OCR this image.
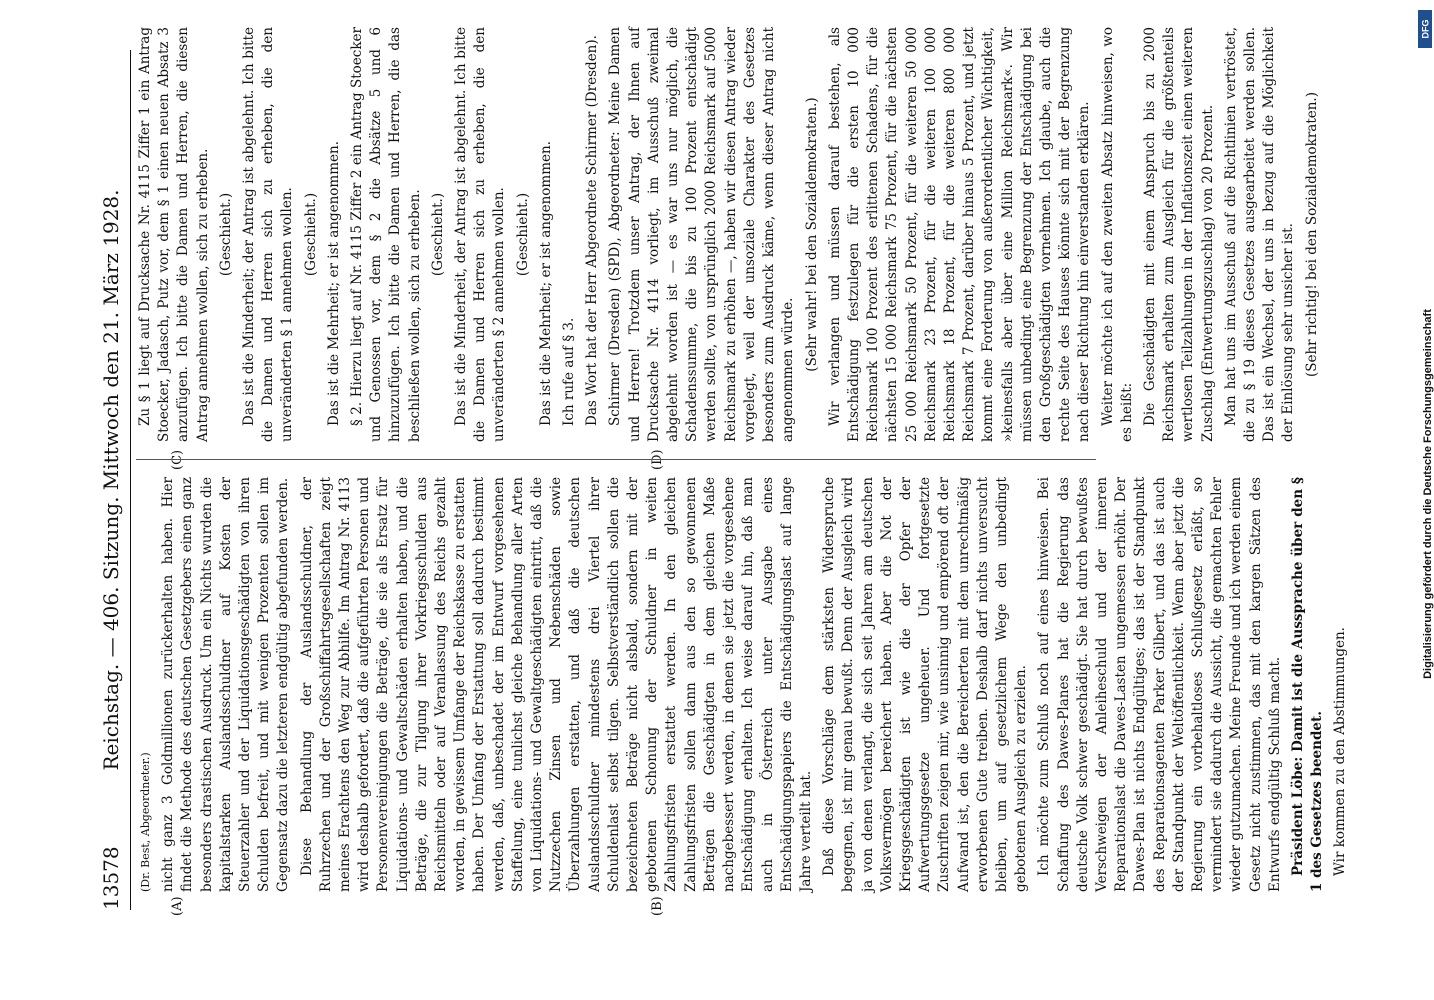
13578
Reichstag. — 406. Sitzung. Mittwoch den 21. März 1928.
(A)	(B)
(C)	(D)

(Dr. Best, Abgeordneter.) nicht ganz 3 Goldmillionen zurückerhalten haben. Hier findet die Methode des deutschen Gesetzgebers einen ganz besonders drastischen Ausdruck. Um ein Nichts wurden die kapitalstarken Auslandsschuldner auf Kosten der Steuerzahler und der Liquidationsgeschädigten von ihren Schulden befreit, und mit wenigen Prozenten sollen im Gegensatz dazu die letzteren endgültig abgefunden werden. Diese Behandlung der Auslandsschuldner, der Ruhrzechen und der Großschiffahrtsgesellschaften zeigt meines Erachtens den Weg zur Abhilfe. Im Antrag Nr. 4113 wird deshalb gefordert, daß die aufgeführten Personen und Personenvereinigungen die Beträge, die sie als Ersatz für Liquidations- und Gewaltschäden erhalten haben, und die Beträge, die zur Tilgung ihrer Vorkriegsschulden aus Reichsmitteln oder auf Veranlassung des Reichs gezahlt worden, in gewissem Umfange der Reichskasse zu erstatten haben. Der Umfang der Erstattung soll dadurch bestimmt werden, daß, unbeschadet der im Entwurf vorgesehenen Staffelung, eine tunlichst gleiche Behandlung aller Arten von Liquidations- und Gewaltgeschädigten eintritt, daß die Nutzzechen Zinsen und Nebenschäden sowie Überzahlungen erstatten, und daß die deutschen Auslandsschuldner mindestens drei Viertel ihrer Schuldenlast selbst tilgen. Selbstverständlich sollen die bezeichneten Beträge nicht alsbald, sondern mit der gebotenen Schonung der Schuldner in weiten Zahlungsfristen erstattet werden. In den gleichen Zahlungsfristen sollen dann aus den so gewonnenen Beträgen die Geschädigten in dem gleichen Maße nachgebessert werden, in denen sie jetzt die vorgesehene Entschädigung erhalten. Ich weise darauf hin, daß man auch in Österreich unter Ausgabe eines Entschädigungspapiers die Entschädigungslast auf lange Jahre verteilt hat. Daß diese Vorschläge dem stärksten Widerspruche begegnen, ist mir genau bewußt. Denn der Ausgleich wird ja von denen verlangt, die sich seit Jahren am deutschen Volksvermögen bereichert haben. Aber die Not der Kriegsgeschädigten ist wie die der Opfer der Aufwertungsgesetze ungeheuer. Und fortgesetzte Zuschriften zeigen mir, wie unsinnig und empörend oft der Aufwand ist, den die Bereicherten mit dem unrechtmäßig erworbenen Gute treiben. Deshalb darf nichts unversucht bleiben, um auf gesetzlichem Wege den unbedingt gebotenen Ausgleich zu erzielen. Ich möchte zum Schluß noch auf eines hinweisen. Bei Schaffung des Dawes-Planes hat die Regierung das deutsche Volk schwer geschädigt. Sie hat durch bewußtes Verschweigen der Anleiheschuld und der inneren Reparationslast die Dawes-Lasten ungemessen erhöht. Der Dawes-Plan ist nichts Endgültiges; das ist der Standpunkt des Reparationsagenten Parker Gilbert, und das ist auch der Standpunkt der Weltöffentlichkeit. Wenn aber jetzt die Regierung ein vorbehaltloses Schlußgesetz erläßt, so vermindert sie dadurch die Aussicht, die gemachten Fehler wieder gutzumachen. Meine Freunde und ich werden einem Gesetz nicht zustimmen, das mit den kargen Sätzen des Entwurfs endgültig Schluß macht. Präsident Löbe: Damit ist die Aussprache über den § 1 des Gesetzes beendet. Wir kommen zu den Abstimmungen.

Zu § 1 liegt auf Drucksache Nr. 4115 Ziffer 1 ein Antrag Stoecker, Jadasch, Putz vor, dem § 1 einen neuen Absatz 3 anzufügen. Ich bitte die Damen und Herren, die diesen Antrag annehmen wollen, sich zu erheben. (Geschieht.) Das ist die Minderheit; der Antrag ist abgelehnt. Ich bitte die Damen und Herren sich zu erheben, die den unveränderten § 1 annehmen wollen. (Geschieht.) Das ist die Mehrheit; er ist angenommen. § 2. Hierzu liegt auf Nr. 4115 Ziffer 2 ein Antrag Stoecker und Genossen vor, dem § 2 die Absätze 5 und 6 hinzuzufügen. Ich bitte die Damen und Herren, die das beschließen wollen, sich zu erheben. (Geschieht.) Das ist die Minderheit, der Antrag ist abgelehnt. Ich bitte die Damen und Herren sich zu erheben, die den unveränderten § 2 annehmen wollen. (Geschieht.) Das ist die Mehrheit; er ist angenommen. Ich rufe auf § 3. Das Wort hat der Herr Abgeordnete Schirmer (Dresden). Schirmer (Dresden) (SPD), Abgeordneter: Meine Damen und Herren! Trotzdem unser Antrag, der Ihnen auf Drucksache Nr. 4114 vorliegt, im Ausschuß zweimal abgelehnt worden ist — es war uns nur möglich, die Schadenssumme, die bis zu 100 Prozent entschädigt werden sollte, von ursprünglich 2000 Reichsmark auf 5000 Reichsmark zu erhöhen —, haben wir diesen Antrag wieder vorgelegt, weil der unsoziale Charakter des Gesetzes besonders zum Ausdruck käme, wenn dieser Antrag nicht angenommen würde. (Sehr wahr! bei den Sozialdemokraten.) Wir verlangen und müssen darauf bestehen, als Entschädigung festzulegen für die ersten 10 000 Reichsmark 100 Prozent des erlittenen Schadens, für die nächsten 15 000 Reichsmark 75 Prozent, für die nächsten 25 000 Reichsmark 50 Prozent, für die weiteren 50 000 Reichsmark 23 Prozent, für die weiteren 100 000 Reichsmark 18 Prozent, für die weiteren 800 000 Reichsmark 7 Prozent, darüber hinaus 5 Prozent, und jetzt kommt eine Forderung von außerordentlicher Wichtigkeit, »keinesfalls aber über eine Million Reichsmark«. Wir müssen unbedingt eine Begrenzung der Entschädigung bei den Großgeschädigten vornehmen. Ich glaube, auch die rechte Seite des Hauses könnte sich mit der Begrenzung nach dieser Richtung hin einverstanden erklären. Weiter möchte ich auf den zweiten Absatz hinweisen, wo es heißt: Die Geschädigten mit einem Anspruch bis zu 2000 Reichsmark erhalten zum Ausgleich für die größtenteils wertlosen Teilzahlungen in der Inflationszeit einen weiteren Zuschlag (Entwertungszuschlag) von 20 Prozent. Man hat uns im Ausschuß auf die Richtlinien vertröstet, die zu § 19 dieses Gesetzes ausgearbeitet werden sollen. Das ist ein Wechsel, der uns in bezug auf die Möglichkeit der Einlösung sehr unsicher ist. (Sehr richtig! bei den Sozialdemokraten.)

DFG
Digitalisierung gefördert durch die Deutsche Forschungsgemeinschaft
